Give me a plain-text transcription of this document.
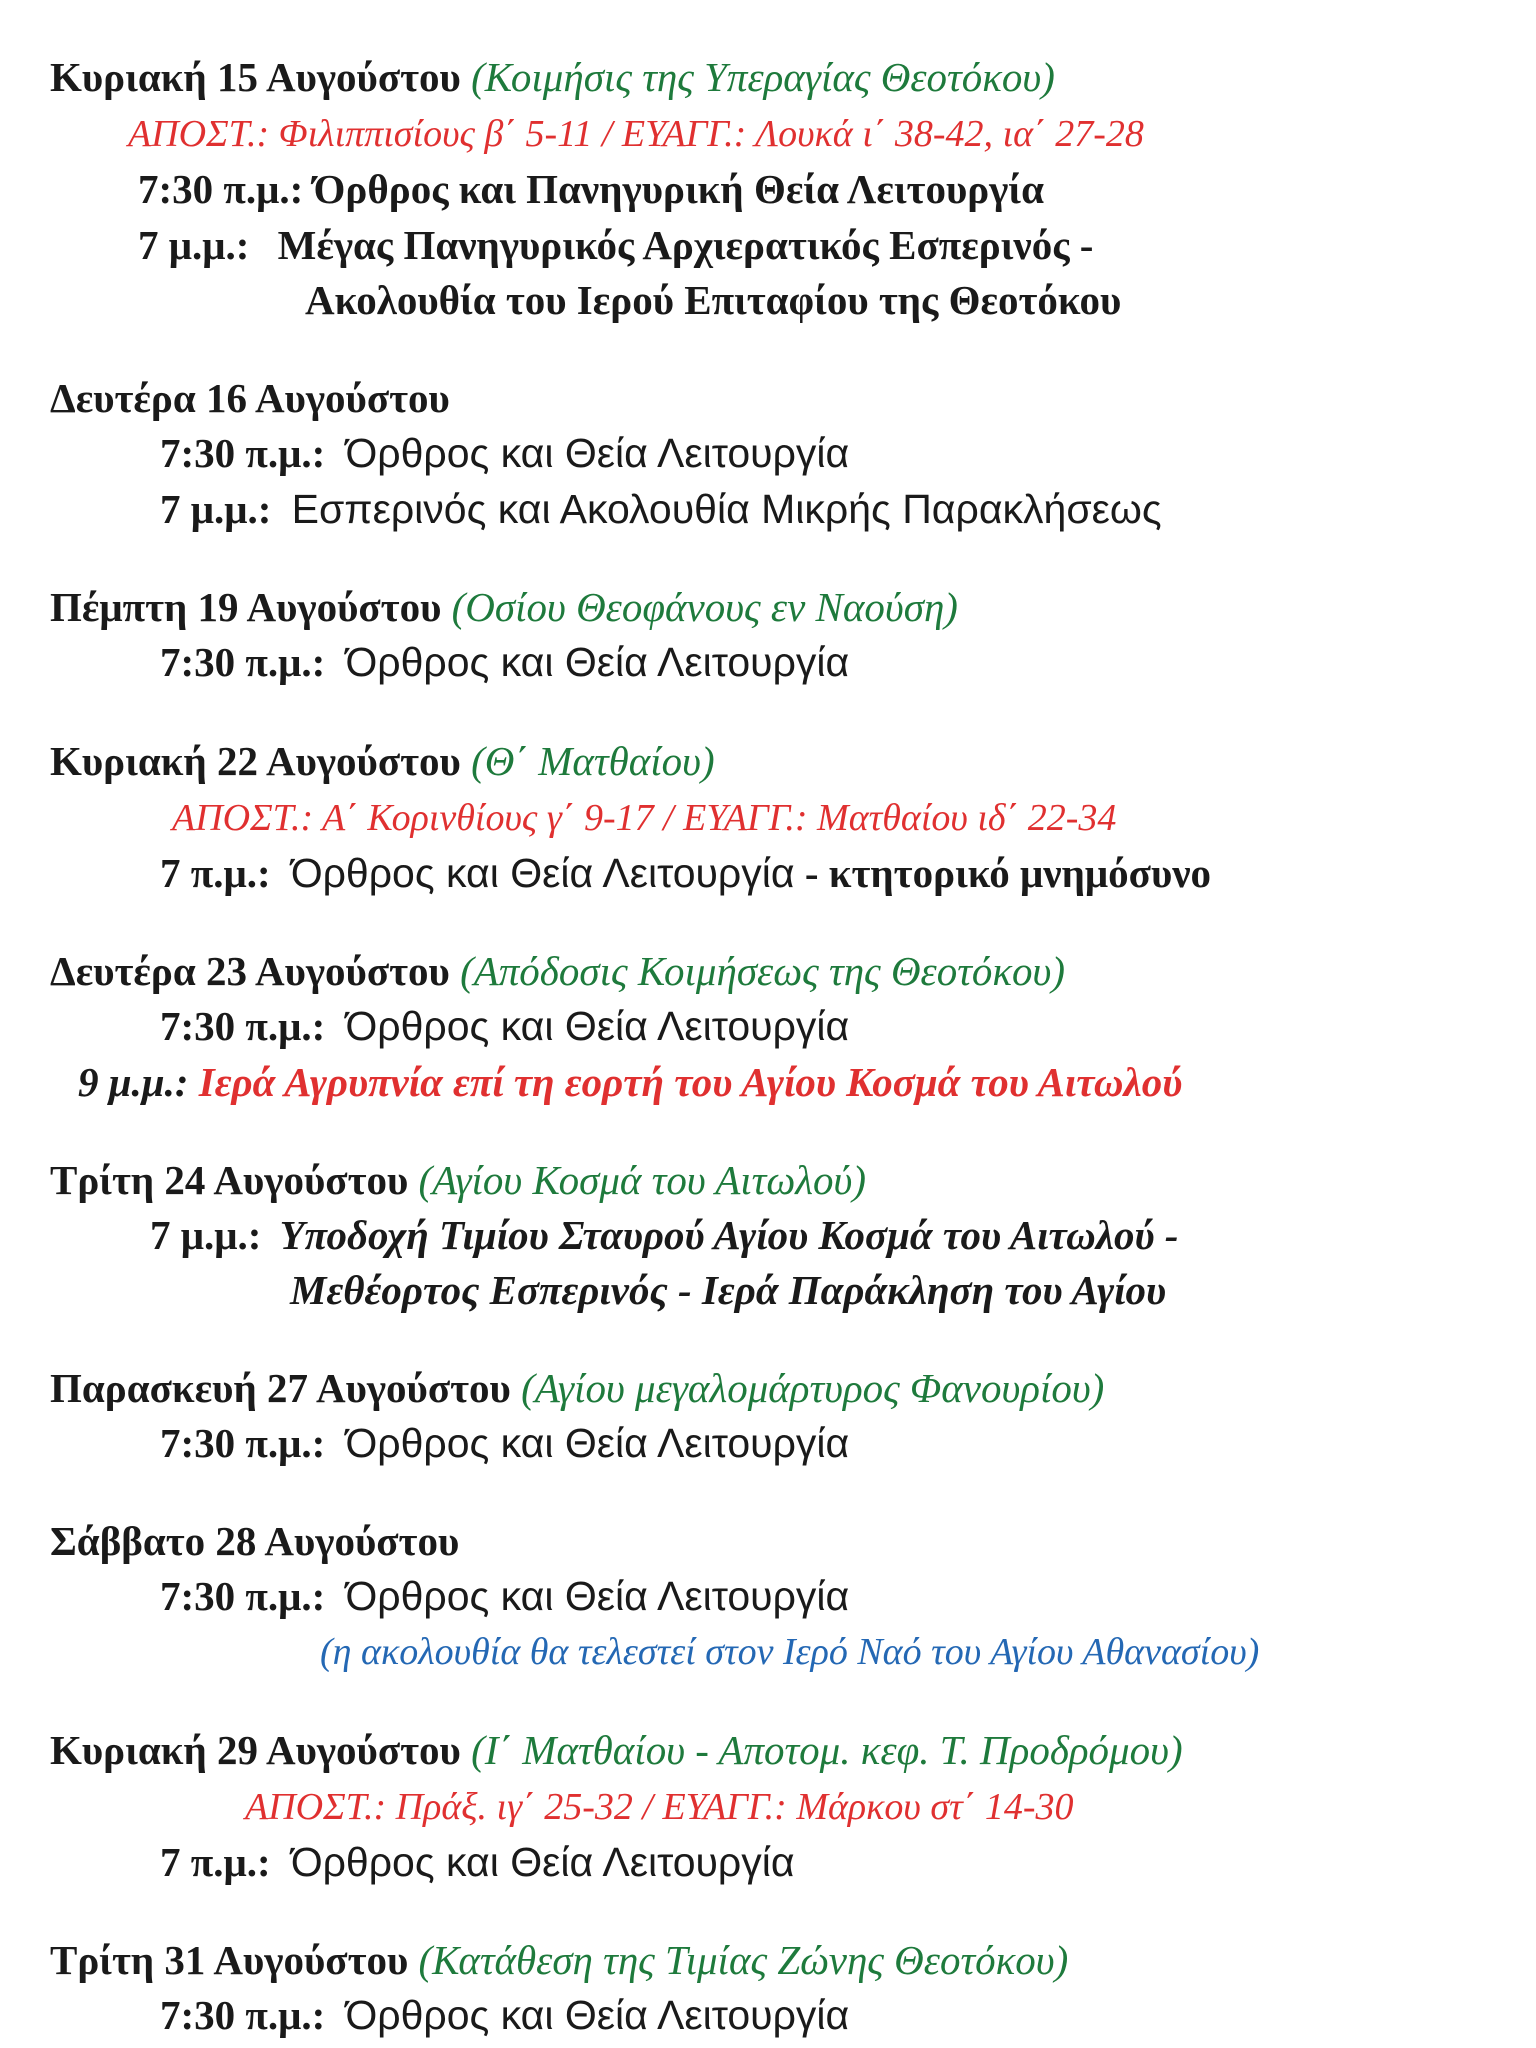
Κυριακή 15 Αυγούστου (Κοιμήσις της Υπεραγίας Θεοτόκου)
ΑΠΟΣΤ.: Φιλιππισίους β΄ 5-11 / ΕΥΑΓΓ.: Λουκά ι΄ 38-42, ια΄ 27-28
7:30 π.μ.: Όρθρος και Πανηγυρική Θεία Λειτουργία
7 μ.μ.: Μέγας Πανηγυρικός Αρχιερατικός Εσπερινός -
Ακολουθία του Ιερού Επιταφίου της Θεοτόκου
Δευτέρα 16 Αυγούστου
7:30 π.μ.: Όρθρος και Θεία Λειτουργία
7 μ.μ.: Εσπερινός και Ακολουθία Μικρής Παρακλήσεως
Πέμπτη 19 Αυγούστου (Οσίου Θεοφάνους εν Ναούση)
7:30 π.μ.: Όρθρος και Θεία Λειτουργία
Κυριακή 22 Αυγούστου (Θ΄ Ματθαίου)
ΑΠΟΣΤ.: Α΄ Κορινθίους γ΄ 9-17 / ΕΥΑΓΓ.: Ματθαίου ιδ΄ 22-34
7 π.μ.: Όρθρος και Θεία Λειτουργία - κτητορικό μνημόσυνο
Δευτέρα 23 Αυγούστου (Απόδοσις Κοιμήσεως της Θεοτόκου)
7:30 π.μ.: Όρθρος και Θεία Λειτουργία
9 μ.μ.: Ιερά Αγρυπνία επί τη εορτή του Αγίου Κοσμά του Αιτωλού
Τρίτη 24 Αυγούστου (Αγίου Κοσμά του Αιτωλού)
7 μ.μ.: Υποδοχή Τιμίου Σταυρού Αγίου Κοσμά του Αιτωλού -
Μεθέορτος Εσπερινός - Ιερά Παράκληση του Αγίου
Παρασκευή 27 Αυγούστου (Αγίου μεγαλομάρτυρος Φανουρίου)
7:30 π.μ.: Όρθρος και Θεία Λειτουργία
Σάββατο 28 Αυγούστου
7:30 π.μ.: Όρθρος και Θεία Λειτουργία
(η ακολουθία θα τελεστεί στον Ιερό Ναό του Αγίου Αθανασίου)
Κυριακή 29 Αυγούστου (Ι΄ Ματθαίου - Αποτομ. κεφ. Τ. Προδρόμου)
ΑΠΟΣΤ.: Πράξ. ιγ΄ 25-32 / ΕΥΑΓΓ.: Μάρκου στ΄ 14-30
7 π.μ.: Όρθρος και Θεία Λειτουργία
Τρίτη 31 Αυγούστου (Κατάθεση της Τιμίας Ζώνης Θεοτόκου)
7:30 π.μ.: Όρθρος και Θεία Λειτουργία
